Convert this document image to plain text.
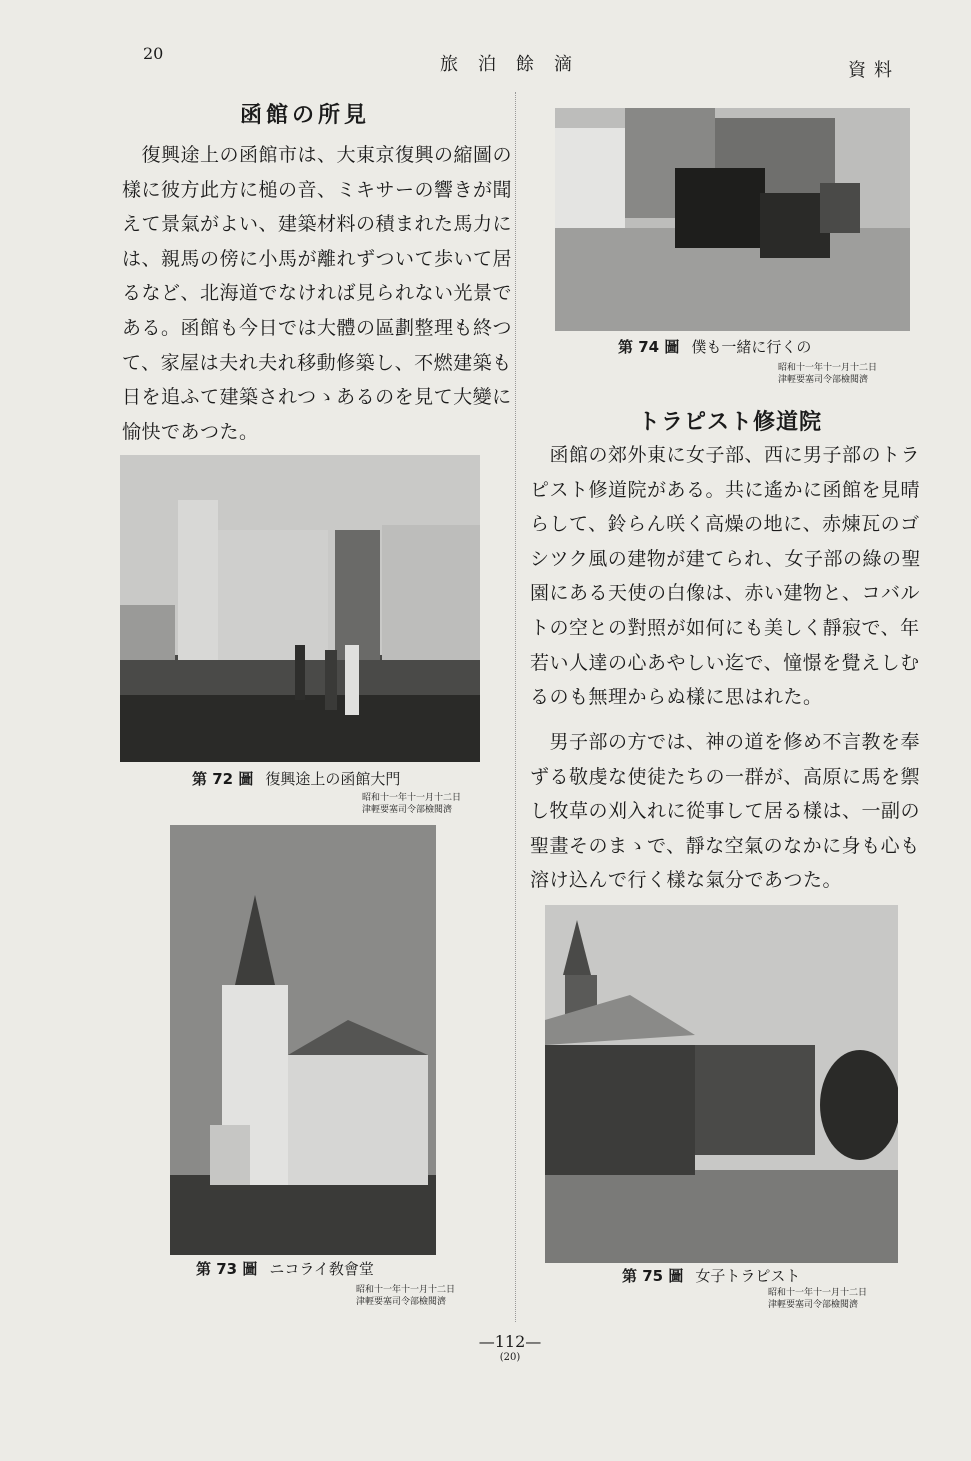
20
旅泊餘滴	資料
函館の所見

　復興途上の函館市は、大東京復興の縮圖の
樣に彼方此方に槌の音、ミキサーの響きが聞
えて景氣がよい、建築材料の積まれた馬力に
は、親馬の傍に小馬が離れずついて歩いて居
るなど、北海道でなければ見られない光景で
ある。函館も今日では大體の區劃整理も終つ
て、家屋は夫れ夫れ移動修築し、不燃建築も
日を追ふて建築されつゝあるのを見て大變に
愉快であつた。

第 72 圖 復興途上の函館大門
昭和十一年十一月十二日
津輕要塞司令部檢閱濟
第 73 圖 ニコライ敎會堂
昭和十一年十一月十二日
津輕要塞司令部檢閱濟
第 74 圖 僕も一緒に行くの
昭和十一年十一月十二日
津輕要塞司令部檢閱濟
トラピスト修道院

　函館の郊外東に女子部、西に男子部のトラ
ピスト修道院がある。共に遙かに函館を見晴
らして、鈴らん咲く高燥の地に、赤煉瓦のゴ
シツク風の建物が建てられ、女子部の綠の聖
園にある天使の白像は、赤い建物と、コバル
トの空との對照が如何にも美しく靜寂で、年
若い人達の心あやしい迄で、憧憬を覺えしむ
るのも無理からぬ樣に思はれた。

　男子部の方では、神の道を修め不言教を奉
ずる敬虔な使徒たちの一群が、高原に馬を禦
し牧草の刈入れに從事して居る樣は、一副の
聖畫そのまゝで、靜な空氣のなかに身も心も
溶け込んで行く樣な氣分であつた。

第 75 圖 女子トラピスト
昭和十一年十一月十二日
津輕要塞司令部檢閱濟
—112—
(20)
